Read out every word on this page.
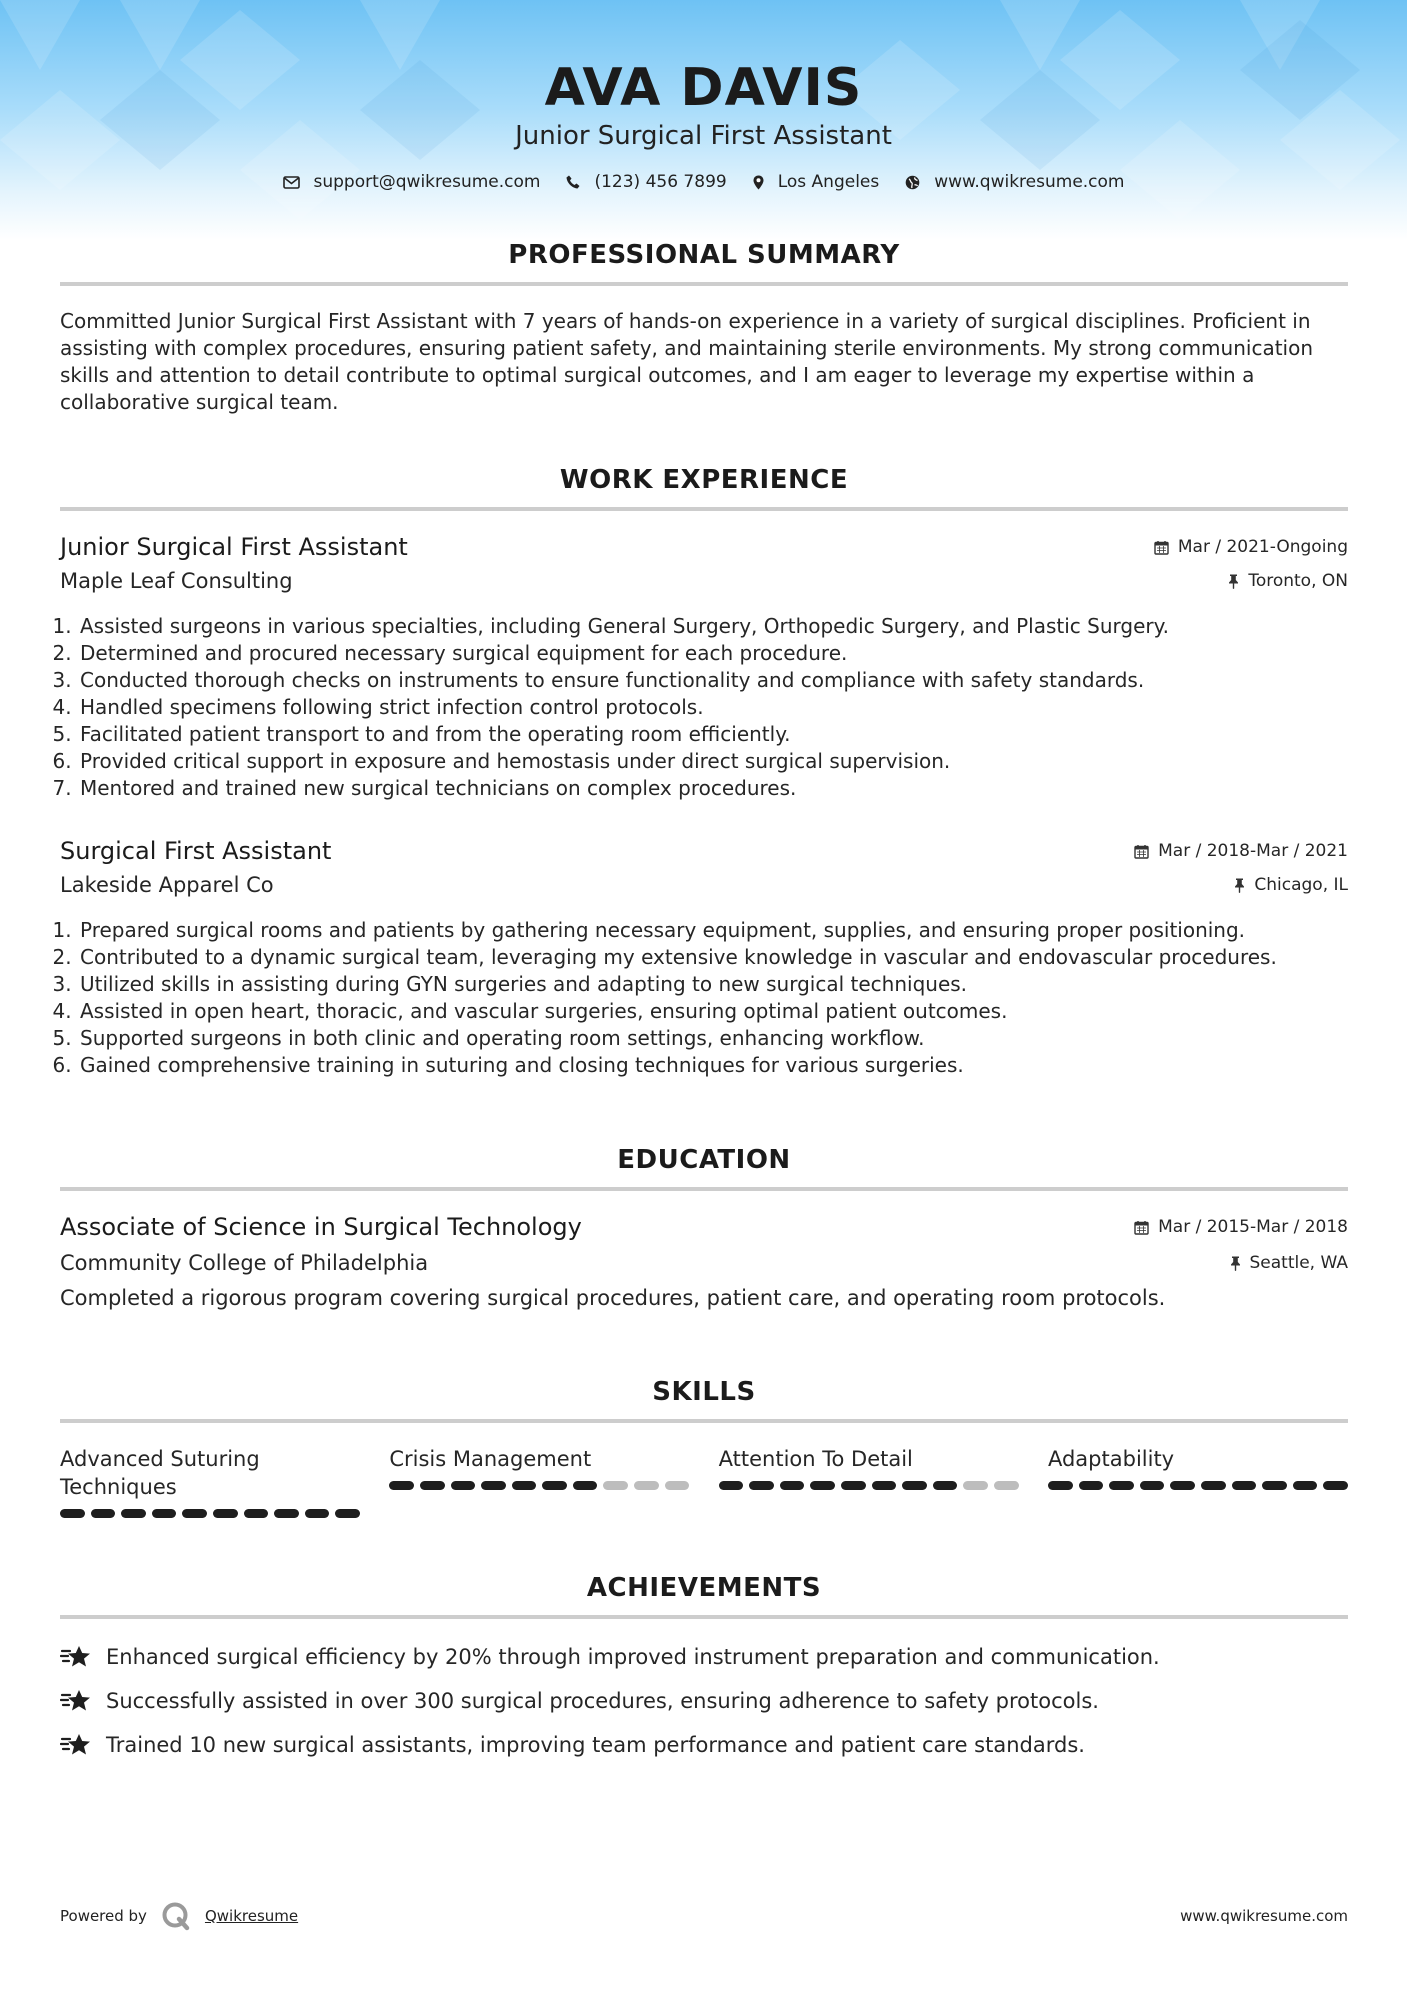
AVA DAVIS
Junior Surgical First Assistant
support@qwikresume.com	(123) 456 7899	Los Angeles	www.qwikresume.com
PROFESSIONAL SUMMARY
Committed Junior Surgical First Assistant with 7 years of hands-on experience in a variety of surgical disciplines. Proficient in assisting with complex procedures, ensuring patient safety, and maintaining sterile environments. My strong communication skills and attention to detail contribute to optimal surgical outcomes, and I am eager to leverage my expertise within a collaborative surgical team.
WORK EXPERIENCE
Junior Surgical First Assistant	Mar / 2021-Ongoing
Maple Leaf Consulting	Toronto, ON
1. Assisted surgeons in various specialties, including General Surgery, Orthopedic Surgery, and Plastic Surgery.
2. Determined and procured necessary surgical equipment for each procedure.
3. Conducted thorough checks on instruments to ensure functionality and compliance with safety standards.
4. Handled specimens following strict infection control protocols.
5. Facilitated patient transport to and from the operating room efficiently.
6. Provided critical support in exposure and hemostasis under direct surgical supervision.
7. Mentored and trained new surgical technicians on complex procedures.
Surgical First Assistant	Mar / 2018-Mar / 2021
Lakeside Apparel Co	Chicago, IL
1. Prepared surgical rooms and patients by gathering necessary equipment, supplies, and ensuring proper positioning.
2. Contributed to a dynamic surgical team, leveraging my extensive knowledge in vascular and endovascular procedures.
3. Utilized skills in assisting during GYN surgeries and adapting to new surgical techniques.
4. Assisted in open heart, thoracic, and vascular surgeries, ensuring optimal patient outcomes.
5. Supported surgeons in both clinic and operating room settings, enhancing workflow.
6. Gained comprehensive training in suturing and closing techniques for various surgeries.
EDUCATION
Associate of Science in Surgical Technology	Mar / 2015-Mar / 2018
Community College of Philadelphia	Seattle, WA
Completed a rigorous program covering surgical procedures, patient care, and operating room protocols.
SKILLS
Advanced Suturing Techniques
Crisis Management	Attention To Detail	Adaptability
ACHIEVEMENTS
Enhanced surgical efficiency by 20% through improved instrument preparation and communication.
Successfully assisted in over 300 surgical procedures, ensuring adherence to safety protocols.
Trained 10 new surgical assistants, improving team performance and patient care standards.
Powered by	Qwikresume	www.qwikresume.com
